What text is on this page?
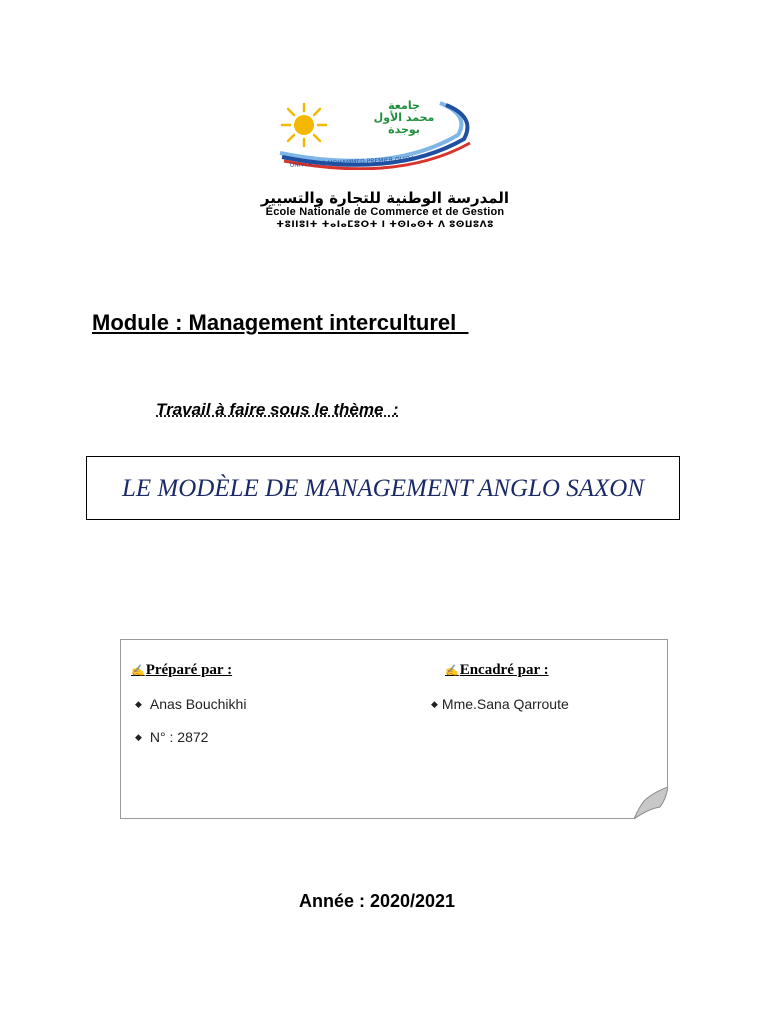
UNIVERSITÉ MOHAMMED PREMIER OUJDA
جامعة
محمد الأول
بوجدة
المدرسة الوطنية للتجارة والتسيير
École Nationale de Commerce et de Gestion
ⵜⵓⵏⵏⵓⵏⵜ ⵜⴰⵏⴰⵎⵓⵔⵜ ⵏ ⵜⵙⵏⴰⵙⵜ ⴷ ⵓⵙⵡⵓⴷⵓ
Module : Management interculturel
Travail à faire sous le thème  :
LE MODÈLE DE MANAGEMENT ANGLO SAXON
✍Préparé par :
◆ Anas Bouchikhi
◆ N° : 2872
✍Encadré par :
◆ Mme.Sana Qarroute
Année : 2020/2021
